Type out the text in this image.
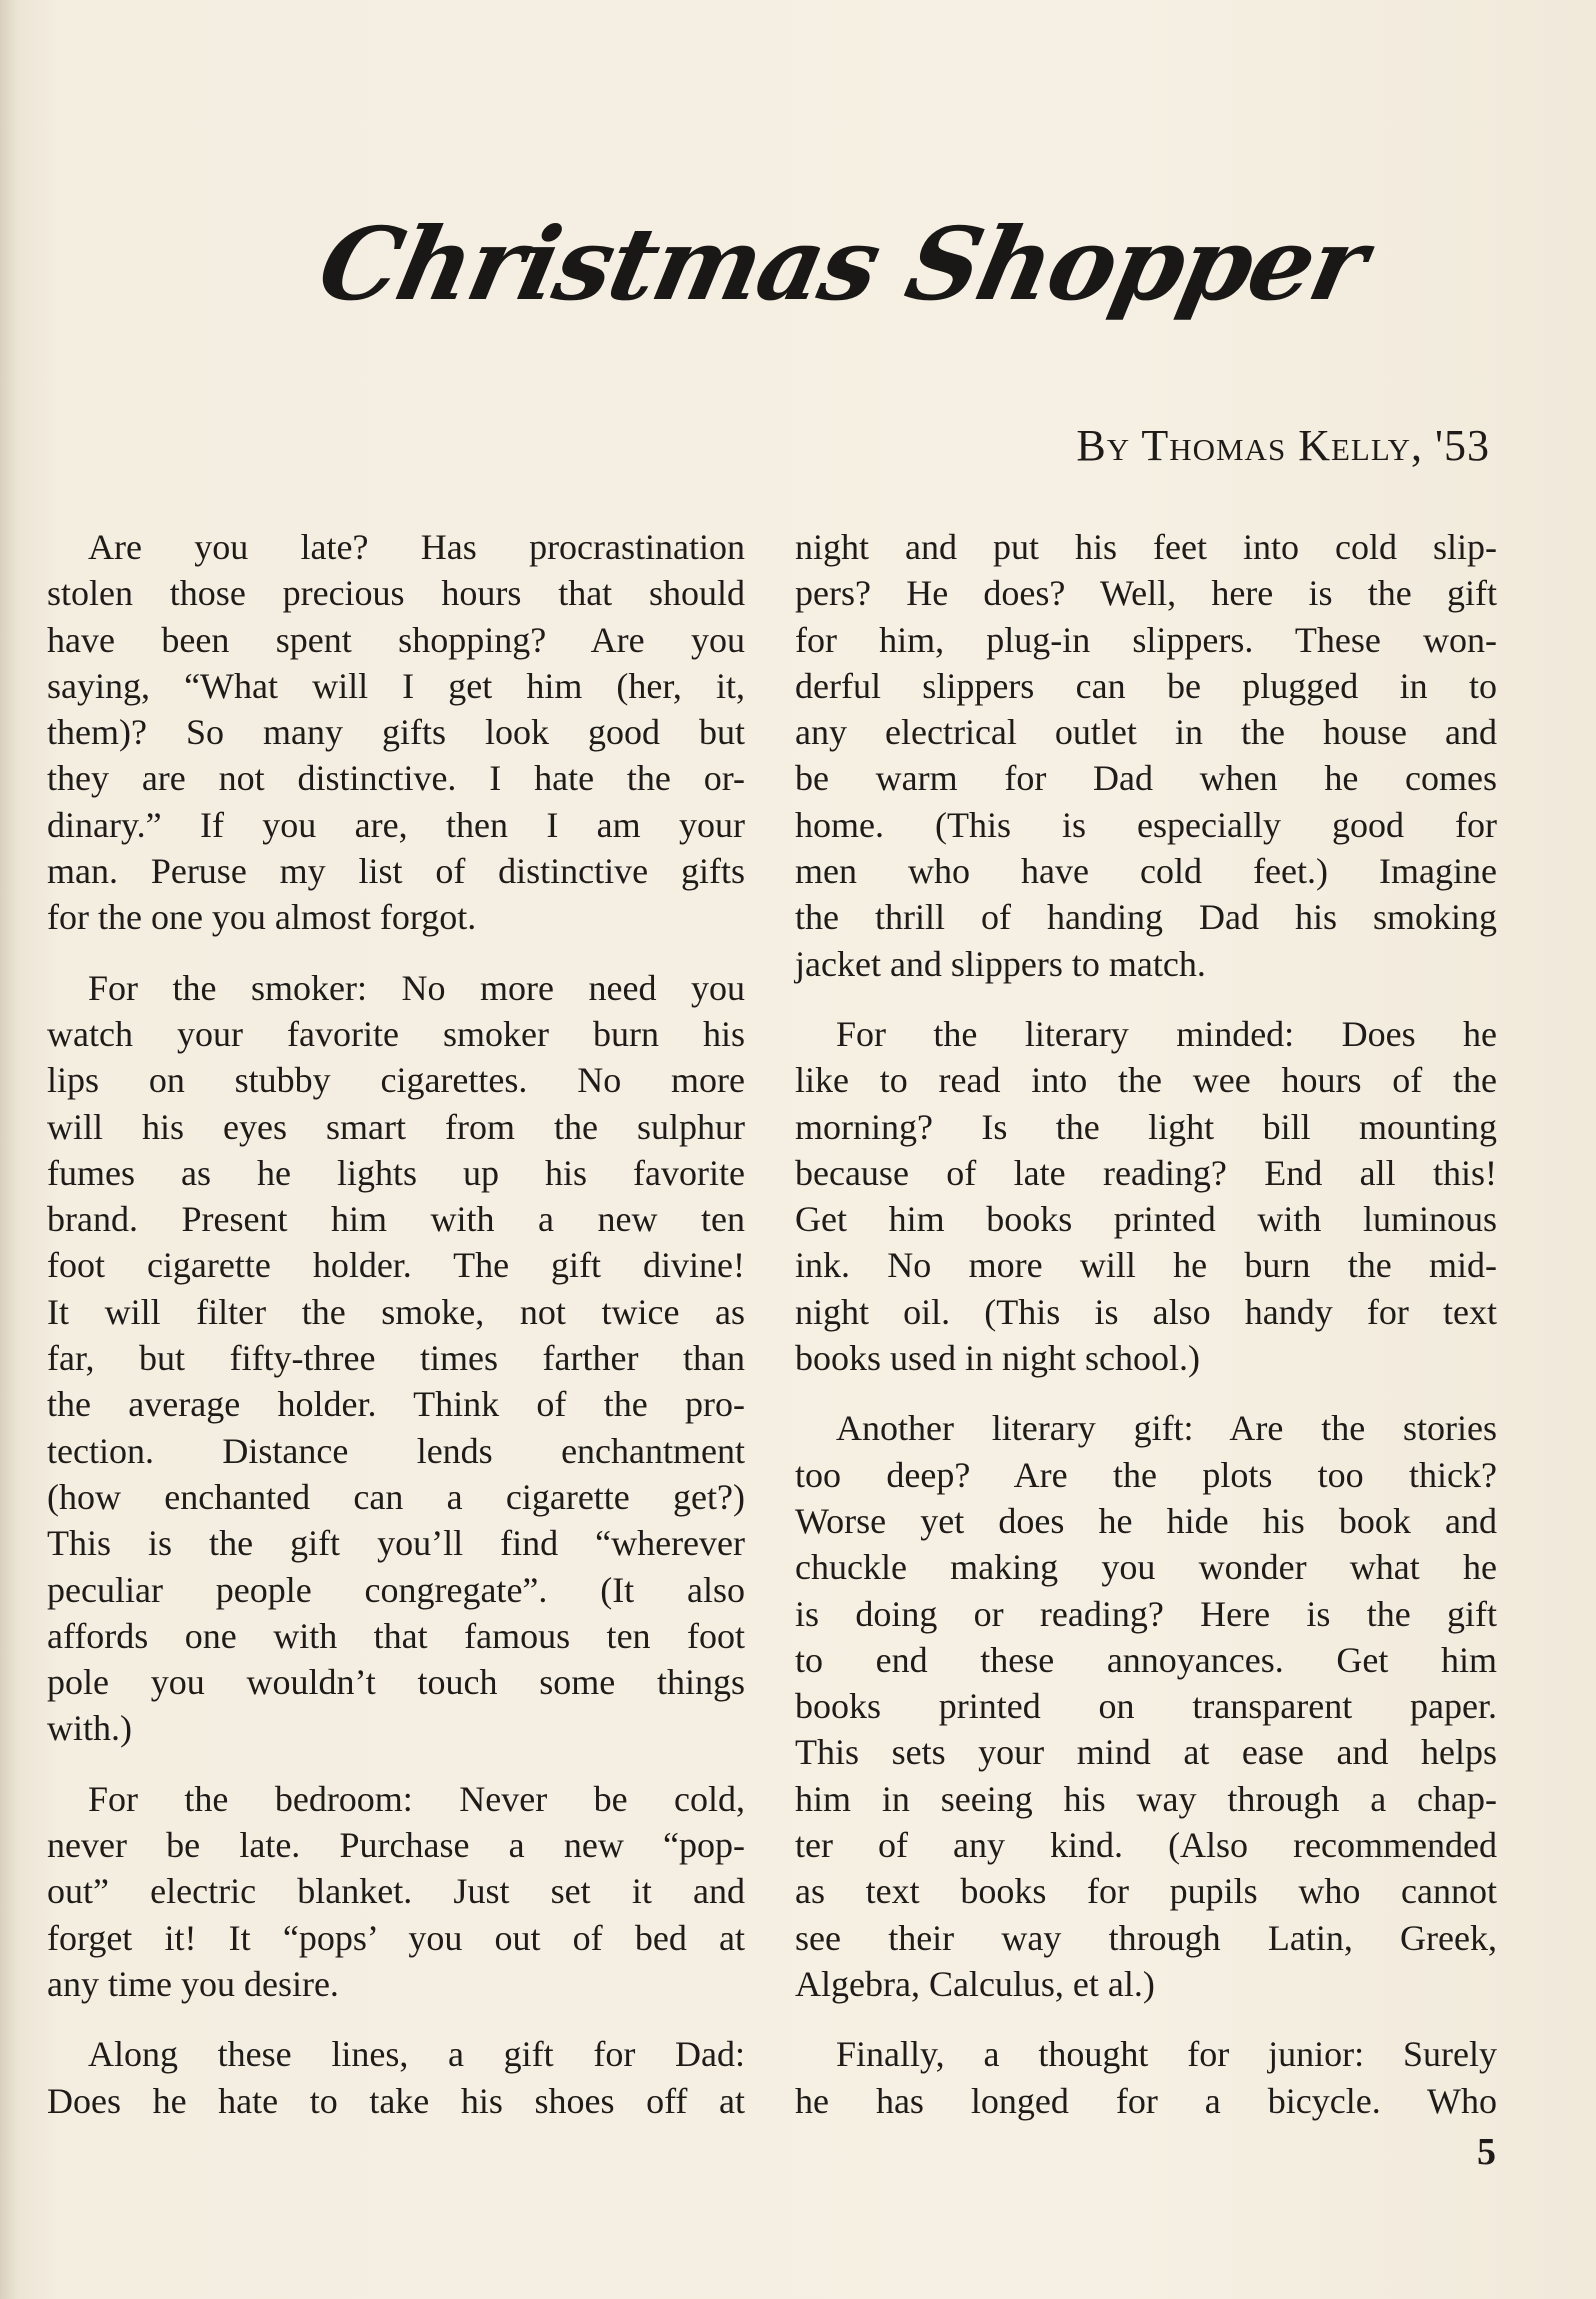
Christmas Shopper
By Thomas Kelly, '53
Are you late? Has procrastination
stolen those precious hours that should
have been spent shopping? Are you
saying, “What will I get him (her, it,
them)? So many gifts look good but
they are not distinctive. I hate the or-
dinary.” If you are, then I am your
man. Peruse my list of distinctive gifts
for the one you almost forgot.
For the smoker: No more need you
watch your favorite smoker burn his
lips on stubby cigarettes. No more
will his eyes smart from the sulphur
fumes as he lights up his favorite
brand. Present him with a new ten
foot cigarette holder. The gift divine!
It will filter the smoke, not twice as
far, but fifty-three times farther than
the average holder. Think of the pro-
tection. Distance lends enchantment
(how enchanted can a cigarette get?)
This is the gift you’ll find “wherever
peculiar people congregate”. (It also
affords one with that famous ten foot
pole you wouldn’t touch some things
with.)
For the bedroom: Never be cold,
never be late. Purchase a new “pop-
out” electric blanket. Just set it and
forget it! It “pops’ you out of bed at
any time you desire.
Along these lines, a gift for Dad:
Does he hate to take his shoes off at
night and put his feet into cold slip-
pers? He does? Well, here is the gift
for him, plug-in slippers. These won-
derful slippers can be plugged in to
any electrical outlet in the house and
be warm for Dad when he comes
home. (This is especially good for
men who have cold feet.) Imagine
the thrill of handing Dad his smoking
jacket and slippers to match.
For the literary minded: Does he
like to read into the wee hours of the
morning? Is the light bill mounting
because of late reading? End all this!
Get him books printed with luminous
ink. No more will he burn the mid-
night oil. (This is also handy for text
books used in night school.)
Another literary gift: Are the stories
too deep? Are the plots too thick?
Worse yet does he hide his book and
chuckle making you wonder what he
is doing or reading? Here is the gift
to end these annoyances. Get him
books printed on transparent paper.
This sets your mind at ease and helps
him in seeing his way through a chap-
ter of any kind. (Also recommended
as text books for pupils who cannot
see their way through Latin, Greek,
Algebra, Calculus, et al.)
Finally, a thought for junior: Surely
he has longed for a bicycle. Who
5
